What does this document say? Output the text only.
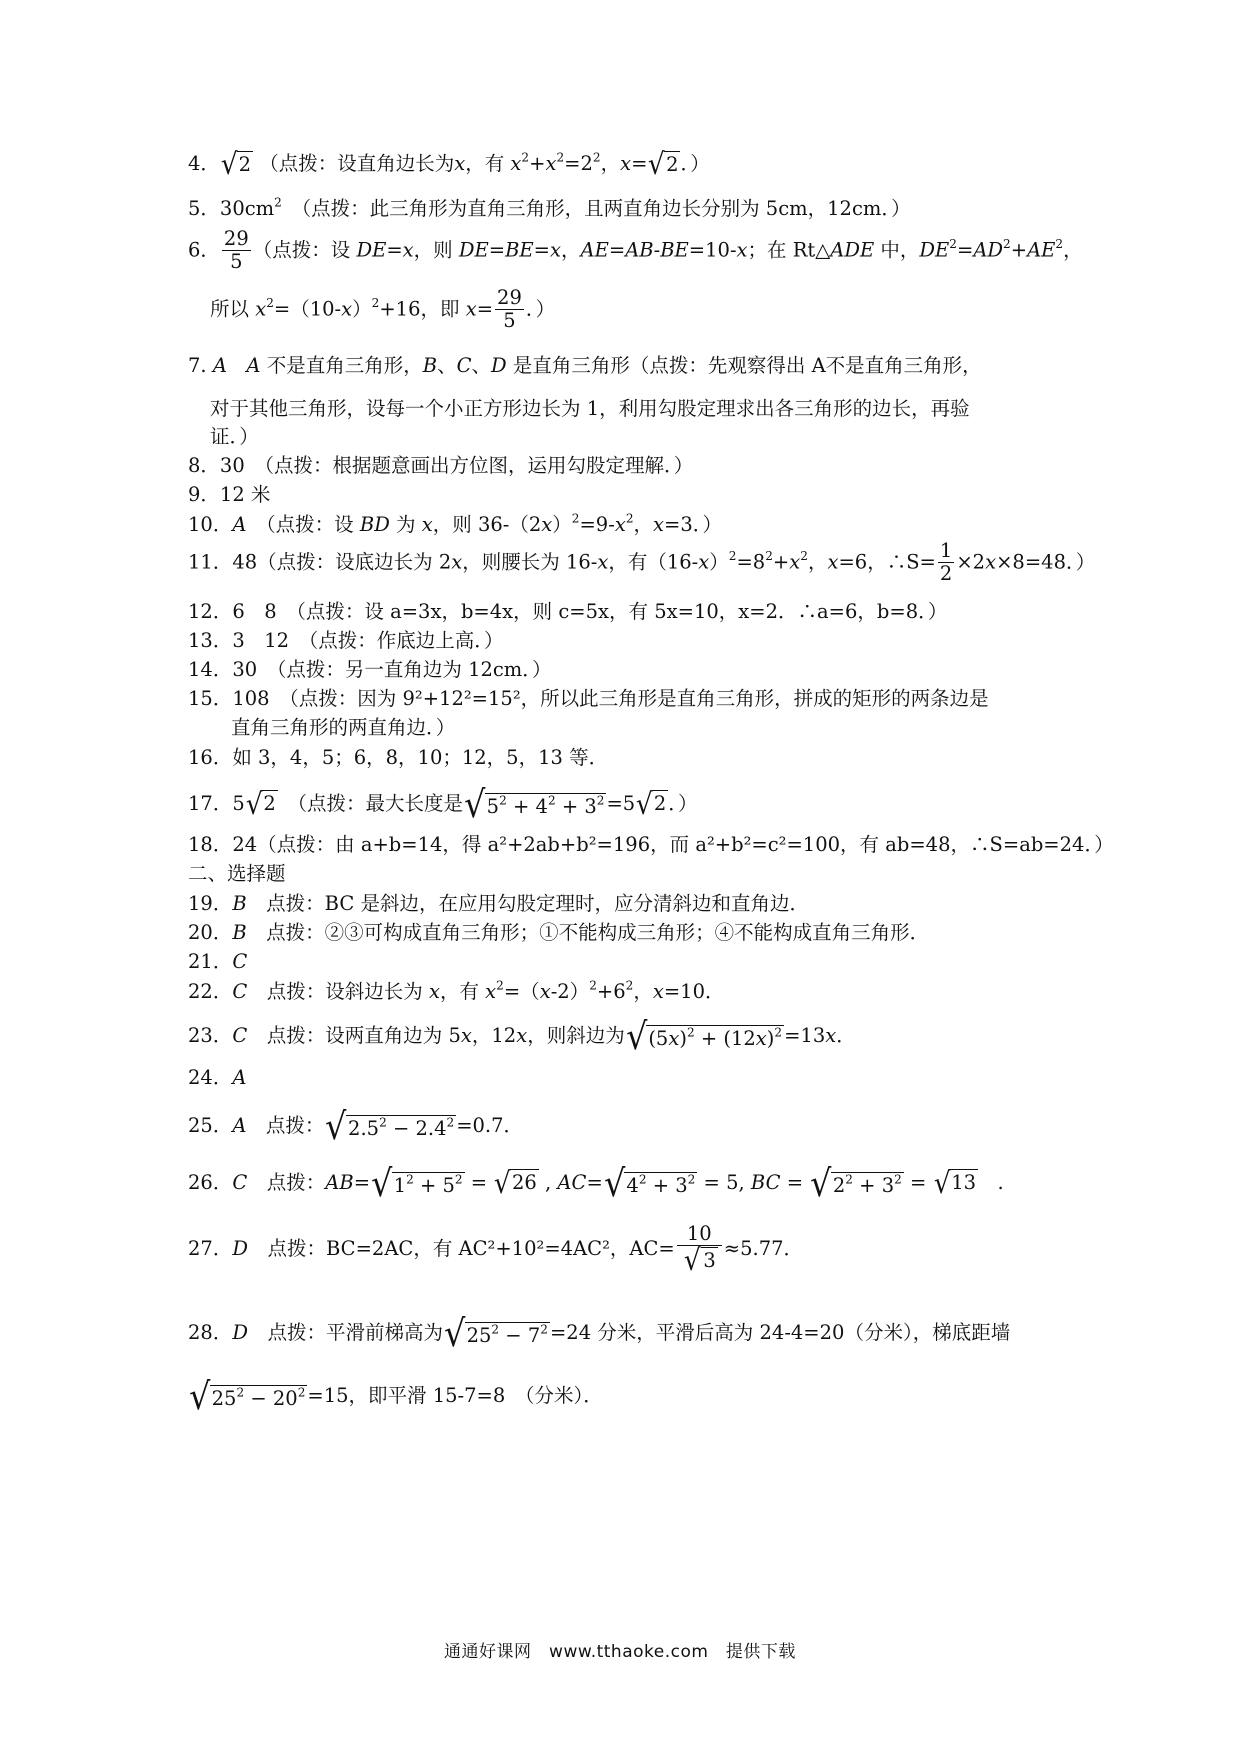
4．√2 （点拨：设直角边长为x，有 $x^2+x^2=2^2$，x=√2 ．）
5．$30cm^2$　 （点拨：此三角形为直角三角形，且两直角边长分别为 5cm，12cm．）
6． $\frac{29}{5}$ （点拨：设 DE=x，则 DE=BE=x，AE=AB-BE=10-x；在 Rt△ADE 中，$DE^2=AD^2+AE^2$，
所以 $x^2=(10-x)^2+16$，即 $x= \frac{29}{5}$ ．）
7. A　 A 不是直角三角形，B、C、D 是直角三角形（点拨：先观察得出 A不是直角三角形，
对于其他三角形，设每一个小正方形边长为 1，利用勾股定理求出各三角形的边长，再验
证．）
8．30　（点拨：根据题意画出方位图，运用勾股定理解．）
9．12 米
10．A　（点拨：设 BD 为 x，则 $36-(2x)^2=9-x^2$，x=3．）
11．48（点拨：设底边长为 2x，则腰长为 16-x，有$(16-x)^2=8^2+x^2$，x=6，∴S= $\frac{1}{2} \times 2x\times 8=48$．）
12．6　8　（点拨：设 a=3x，b=4x，则 c=5x，有 5x=10，x=2．∴a=6，b=8．）
13．3　12　（点拨：作底边上高．）
14．30　（点拨：另一直角边为 12cm．）
15．108　（点拨：因为 9²+12²=15²，所以此三角形是直角三角形，拼成的矩形的两条边是
直角三角形的两直角边．）
16．如 3，4，5；6，8，10；12，5，13 等．
17．5√2　（点拨：最大长度是$√5^2 + 4^2 + 3^2 =5√2$ ．）
18．24（点拨：由 a+b=14，得 a²+2ab+b²=196，而 a²+b²=c²=100，有 ab=48，∴S=ab=24．）
二、选择题
19．B　点拨：BC 是斜边，在应用勾股定理时，应分清斜边和直角边．
20．B　点拨：②③可构成直角三角形；①不能构成三角形；④不能构成直角三角形．
21．C
22．C　点拨：设斜边长为 x，有 $x^2=(x-2)^2+6^2$，x=10．
23．C　点拨：设两直角边为 5x，12x，则斜边为$√(5x)^2 + (12x)^2 =13x$．
24．A
25．A　点拨：$√2.5^2 - 2.4^2 =0.7$．
26．C　点拨：$AB=√1^2 + 5^2 = √26$ , $AC=√4^2 + 3^2 = 5$, BC = $√2^2 + 3^2 = √13$　.
27．D　点拨：BC=2AC，有 AC²+10²=4AC²，$AC= \frac{10}{√ 3} \approx 5.77$．
28．D　点拨：平滑前梯高为$√25^2 - 7^2 =24$ 分米，平滑后高为 24-4=20（分米），梯底距墙
$√25^2 - 20^2 =15$，即平滑 15-7=8　（分米）．
通通好课网　www.tthaoke.com　提供下载
